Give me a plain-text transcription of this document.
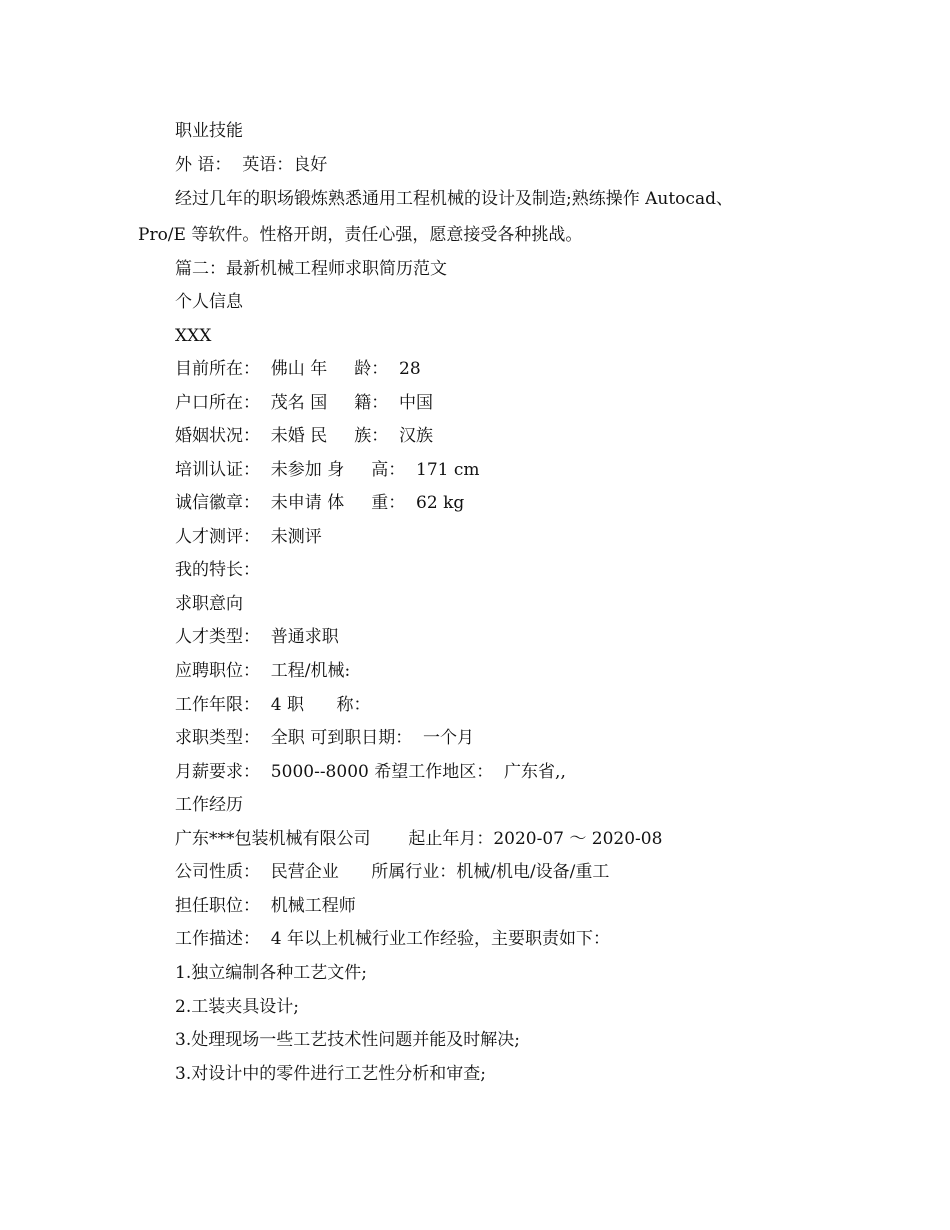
职业技能
外 语：  英语：良好
经过几年的职场锻炼熟悉通用工程机械的设计及制造;熟练操作 Autocad、
Pro/E 等软件。性格开朗，责任心强，愿意接受各种挑战。
篇二：最新机械工程师求职简历范文
个人信息
XXX
目前所在：  佛山 年     龄：  28
户口所在：  茂名 国     籍：  中国
婚姻状况：  未婚 民     族：  汉族
培训认证：  未参加 身     高：  171 cm
诚信徽章：  未申请 体     重：  62 kg
人才测评：  未测评
我的特长：
求职意向
人才类型：  普通求职
应聘职位：  工程/机械:
工作年限：  4 职      称：
求职类型：  全职 可到职日期：  一个月
月薪要求：  5000--8000 希望工作地区：  广东省,,
工作经历
广东***包装机械有限公司       起止年月：2020-07 ～ 2020-08
公司性质：  民营企业      所属行业：机械/机电/设备/重工
担任职位：  机械工程师
工作描述：  4 年以上机械行业工作经验，主要职责如下：
1.独立编制各种工艺文件;
2.工装夹具设计;
3.处理现场一些工艺技术性问题并能及时解决;
3.对设计中的零件进行工艺性分析和审查;
